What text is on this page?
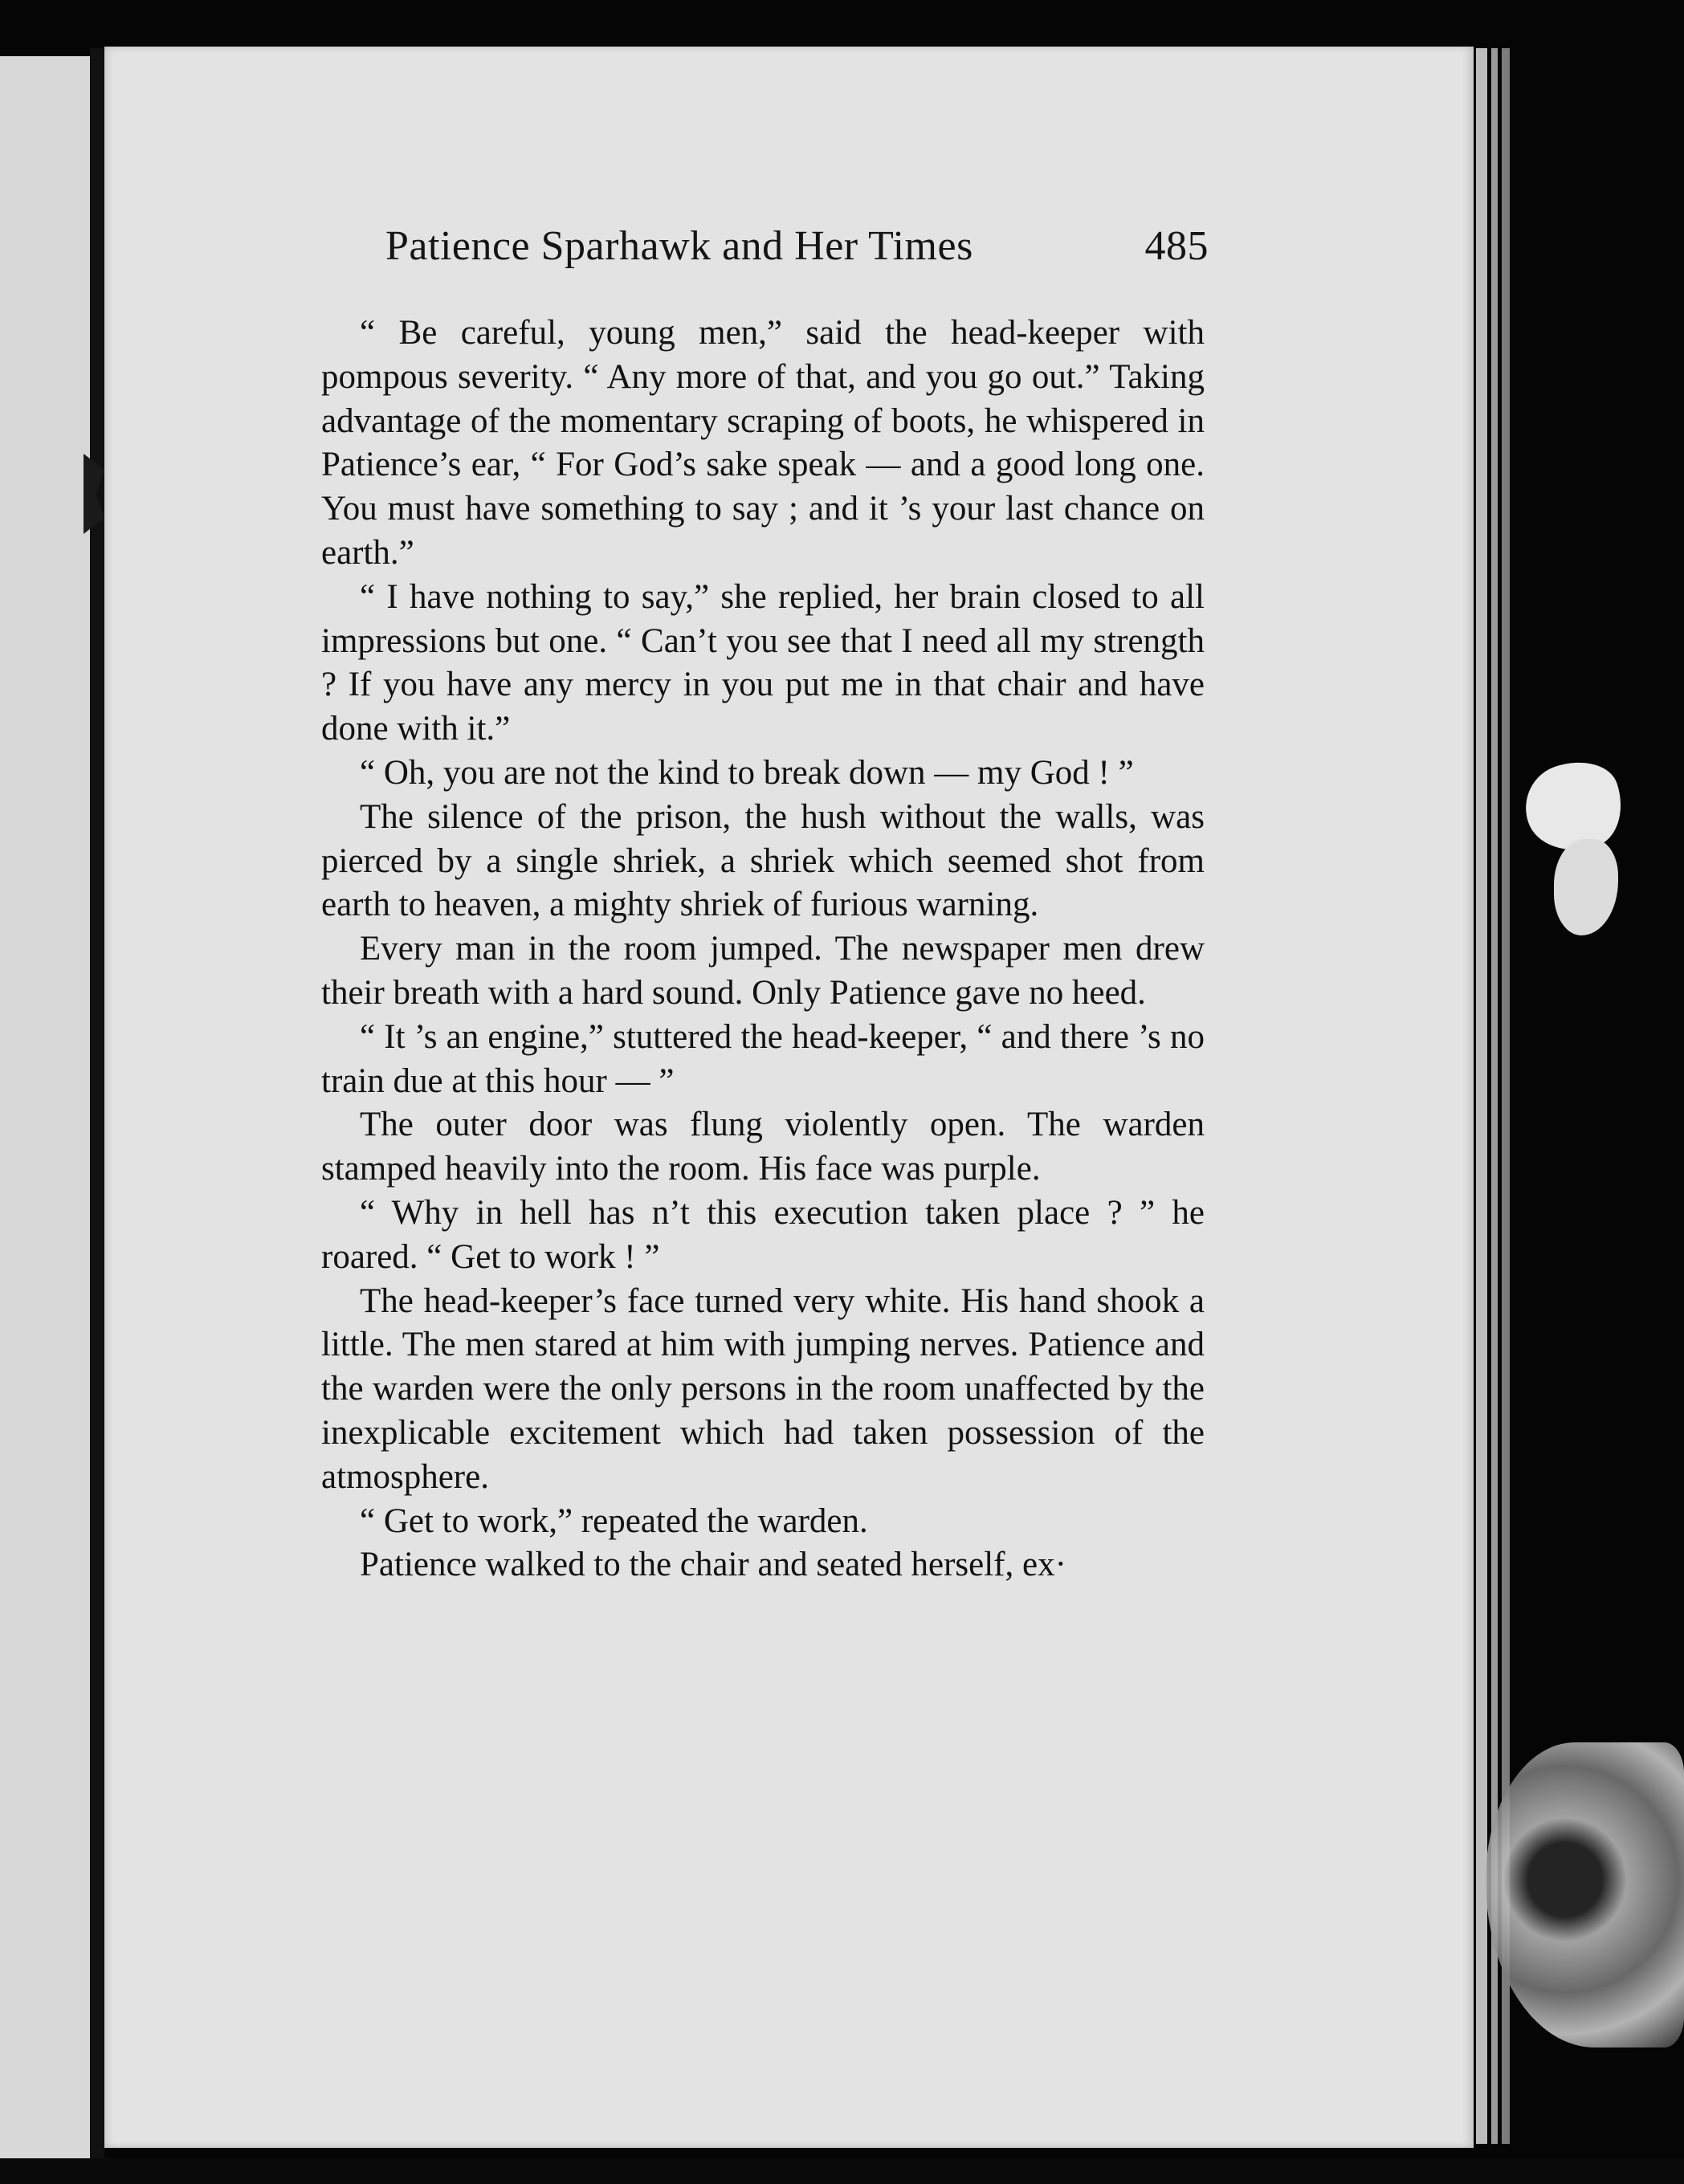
Patience Sparhawk and Her Times	485

“ Be careful, young men,” said the head-keeper with pompous severity. “ Any more of that, and you go out.” Taking advantage of the momentary scraping of boots, he whispered in Patience’s ear, “ For God’s sake speak — and a good long one. You must have something to say ; and it ’s your last chance on earth.”

“ I have nothing to say,” she replied, her brain closed to all impressions but one. “ Can’t you see that I need all my strength ? If you have any mercy in you put me in that chair and have done with it.”

“ Oh, you are not the kind to break down — my God ! ”

The silence of the prison, the hush without the walls, was pierced by a single shriek, a shriek which seemed shot from earth to heaven, a mighty shriek of furious warning.

Every man in the room jumped. The newspaper men drew their breath with a hard sound. Only Patience gave no heed.

“ It ’s an engine,” stuttered the head-keeper, “ and there ’s no train due at this hour — ”

The outer door was flung violently open. The warden stamped heavily into the room. His face was purple.

“ Why in hell has n’t this execution taken place ? ” he roared. “ Get to work ! ”

The head-keeper’s face turned very white. His hand shook a little. The men stared at him with jumping nerves. Patience and the warden were the only persons in the room unaffected by the inexplicable excitement which had taken possession of the atmosphere.

“ Get to work,” repeated the warden.

Patience walked to the chair and seated herself, ex·
